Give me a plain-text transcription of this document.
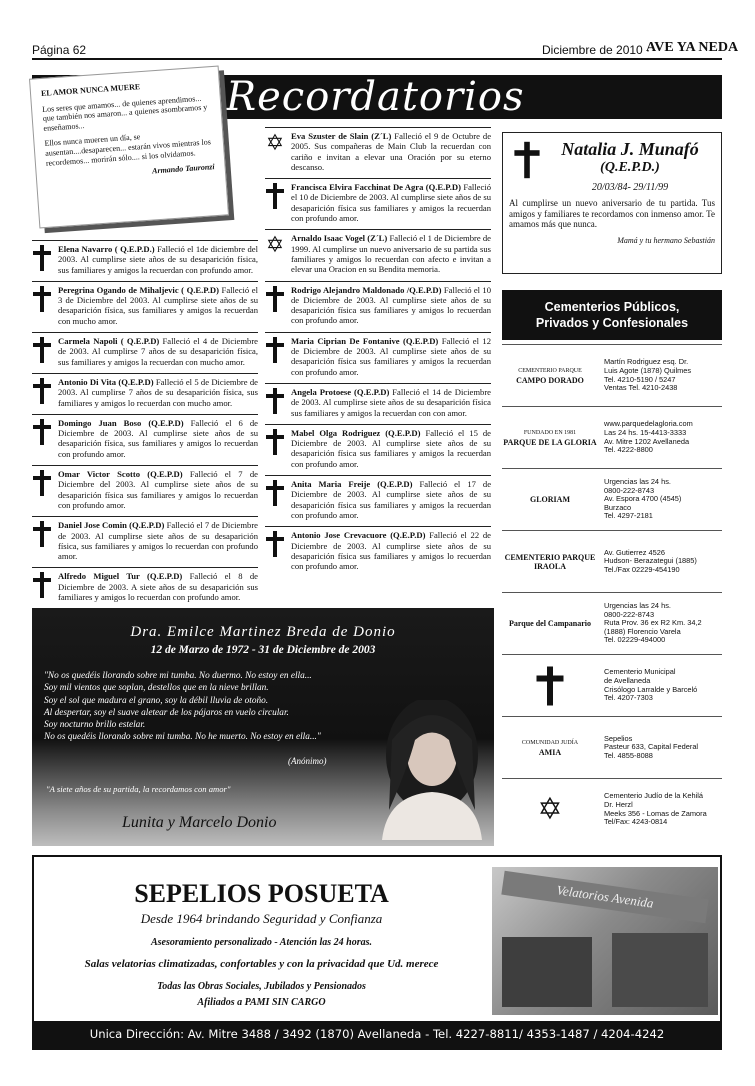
Página 62	Diciembre de 2010 ·
AVE YA NEDA
Recordatorios
EL AMOR NUNCA MUERE
Los seres que amamos... de quienes aprendimos... que también nos amaron... a quienes asombramos y enseñamos...
Ellos nunca mueren un día, se ausentan....desaparecen... estarán vivos mientras los recordemos... morirán sólo.... si los olvidamos.
Armando Tauronzi
Elena Navarro ( Q.E.P.D.) Falleció el 1de diciembre del 2003. Al cumplirse siete años de su desaparición física, sus familiares y amigos la recuerdan con profundo amor.
Peregrina Ogando de Mihaljevic ( Q.E.P.D) Falleció el 3 de Diciembre del 2003. Al cumplirse siete años de su desaparición física, sus familiares y amigos la recuerdan con mucho amor.
Carmela Napoli ( Q.E.P.D) Falleció el 4 de Diciembre de 2003. Al cumplirse 7 años de su desaparición física, sus familiares y amigos la recuerdan con mucho amor.
Antonio Di Vita (Q.E.P.D) Falleció el 5 de Diciembre de 2003. Al cumplirse 7 años de su desaparición física, sus familiares y amigos lo recuerdan con mucho amor.
Domingo Juan Boso (Q.E.P.D) Falleció el 6 de Diciembre de 2003. Al cumplirse siete años de su desaparición física, sus familiares y amigos lo recuerdan con profundo amor.
Omar Victor Scotto (Q.E.P.D) Falleció el 7 de Diciembre del 2003. Al cumplirse siete años de su desaparición física sus familiares y amigos lo recuerdan con profundo amor.
Daniel Jose Comin (Q.E.P.D) Falleció el 7 de Diciembre de 2003. Al cumplirse siete años de su desaparición física, sus familiares y amigos lo recuerdan con profundo amor.
Alfredo Miguel Tur (Q.E.P.D) Falleció el 8 de Diciembre de 2003. A siete años de su desaparición sus familiares y amigos lo recuerdan con profundo amor.
✡ Eva Szuster de Slain (Z´L) Falleció el 9 de Octubre de 2005. Sus compañeras de Main Club la recuerdan con cariño e invitan a elevar una Oración por su eterno descanso.
Francisca Elvira Facchinat De Agra (Q.E.P.D) Falleció el 10 de Diciembre de 2003. Al cumplirse siete años de su desaparición física sus familiares y amigos la recuerdan con profundo amor.
✡ Arnaldo Isaac Vogel (Z´L) Falleció el 1 de Diciembre de 1999. Al cumplirse un nuevo aniversario de su partida sus familiares y amigos lo recuerdan con afecto e invitan a elevar una Oracion en su Bendita memoria.
Rodrigo Alejandro Maldonado /Q.E.P.D) Falleció el 10 de Diciembre de 2003. Al cumplirse siete años de su desaparición física sus familiares y amigos lo recuerdan con profundo amor.
Maria Ciprian De Fontanive (Q.E.P.D) Falleció el 12 de Diciembre de 2003. Al cumplirse siete años de su desaparición física sus familiares y amigos la recuerdan con profundo amor.
Angela Protoese (Q.E.P.D) Falleció el 14 de Diciembre de 2003. Al cumplirse siete años de su desaparición física sus familiares y amigos la recuerdan con con amor.
Mabel Olga Rodriguez (Q.E.P.D) Falleció el 15 de Diciembre de 2003. Al cumplirse siete años de su desaparición física sus familiares y amigos la recuerdan con profundo amor.
Anita Maria Freije (Q.E.P.D) Falleció el 17 de Diciembre de 2003. Al cumplirse siete años de su desaparición física sus familiares y amigos la recuerdan con profundo amor.
Antonio Jose Crevacuore (Q.E.P.D) Falleció el 22 de Diciembre de 2003. Al cumplirse siete años de su desaparición física sus familiares y amigos lo recuerdan con profundo amor.
Natalia J. Munafó
(Q.E.P.D.)
20/03/84- 29/11/99
Al cumplirse un nuevo aniversario de tu partida. Tus amigos y familiares te recordamos con inmenso amor. Te amamos más que nunca.
Mamá y tu hermano Sebastián
Cementerios Públicos,
Privados y Confesionales
CEMENTERIO PARQUE
CAMPO DORADO
Martín Rodriguez esq. Dr.
Luis Agote (1878) Quilmes
Tel. 4210-5190 / 5247
Ventas Tel. 4210-2438
FUNDADO EN 1981
PARQUE DE LA GLORIA
www.parquedelagloria.com
Las 24 hs. 15-4413-3333
Av. Mitre 1202 Avellaneda
Tel. 4222-8800
GLORIAM
Urgencias las 24 hs.
0800-222-8743
Av. Espora 4700 (4545)
Burzaco
Tel. 4297-2181
CEMENTERIO PARQUE IRAOLA
Av. Gutierrez 4526
Hudson- Berazategui (1885)
Tel./Fax 02229-454190
Parque del Campanario
Urgencias las 24 hs.
0800-222-8743
Ruta Prov. 36 ex R2 Km. 34,2
(1888) Florencio Varela
Tel. 02229-494000
Cementerio Municipal
de Avellaneda
Crisólogo Larralde y Barceló
Tel. 4207-7303
COMUNIDAD JUDÍA
AMIA
Sepelios
Pasteur 633, Capital Federal
Tel. 4855-8088
✡	Cementerio Judío de la Kehilá
Dr. Herzl
Meeks 356 - Lomas de Zamora
Tel/Fax: 4243-0814
Dra. Emilce Martinez Breda de Donio
12 de Marzo de 1972 - 31 de Diciembre de 2003
"No os quedéis llorando sobre mi tumba. No duermo. No estoy en ella...
Soy mil vientos que soplan, destellos que en la nieve brillan.
Soy el sol que madura el grano, soy la débil lluvia de otoño.
Al despertar, soy el suave aletear de los pájaros en vuelo circular.
Soy nocturno brillo estelar.
No os quedéis llorando sobre mi tumba. No he muerto. No estoy en ella..."
(Anónimo)
"A siete años de su partida, la recordamos con amor"
Lunita y Marcelo Donio
SEPELIOS POSUETA
Desde 1964 brindando Seguridad y Confianza
Asesoramiento personalizado - Atención las 24 horas.
Salas velatorias climatizadas, confortables y con la privacidad que Ud. merece
Todas las Obras Sociales, Jubilados y Pensionados
Afiliados a PAMI SIN CARGO
Velatorios Avenida
Unica Dirección: Av. Mitre 3488 / 3492 (1870) Avellaneda - Tel. 4227-8811/ 4353-1487 / 4204-4242
